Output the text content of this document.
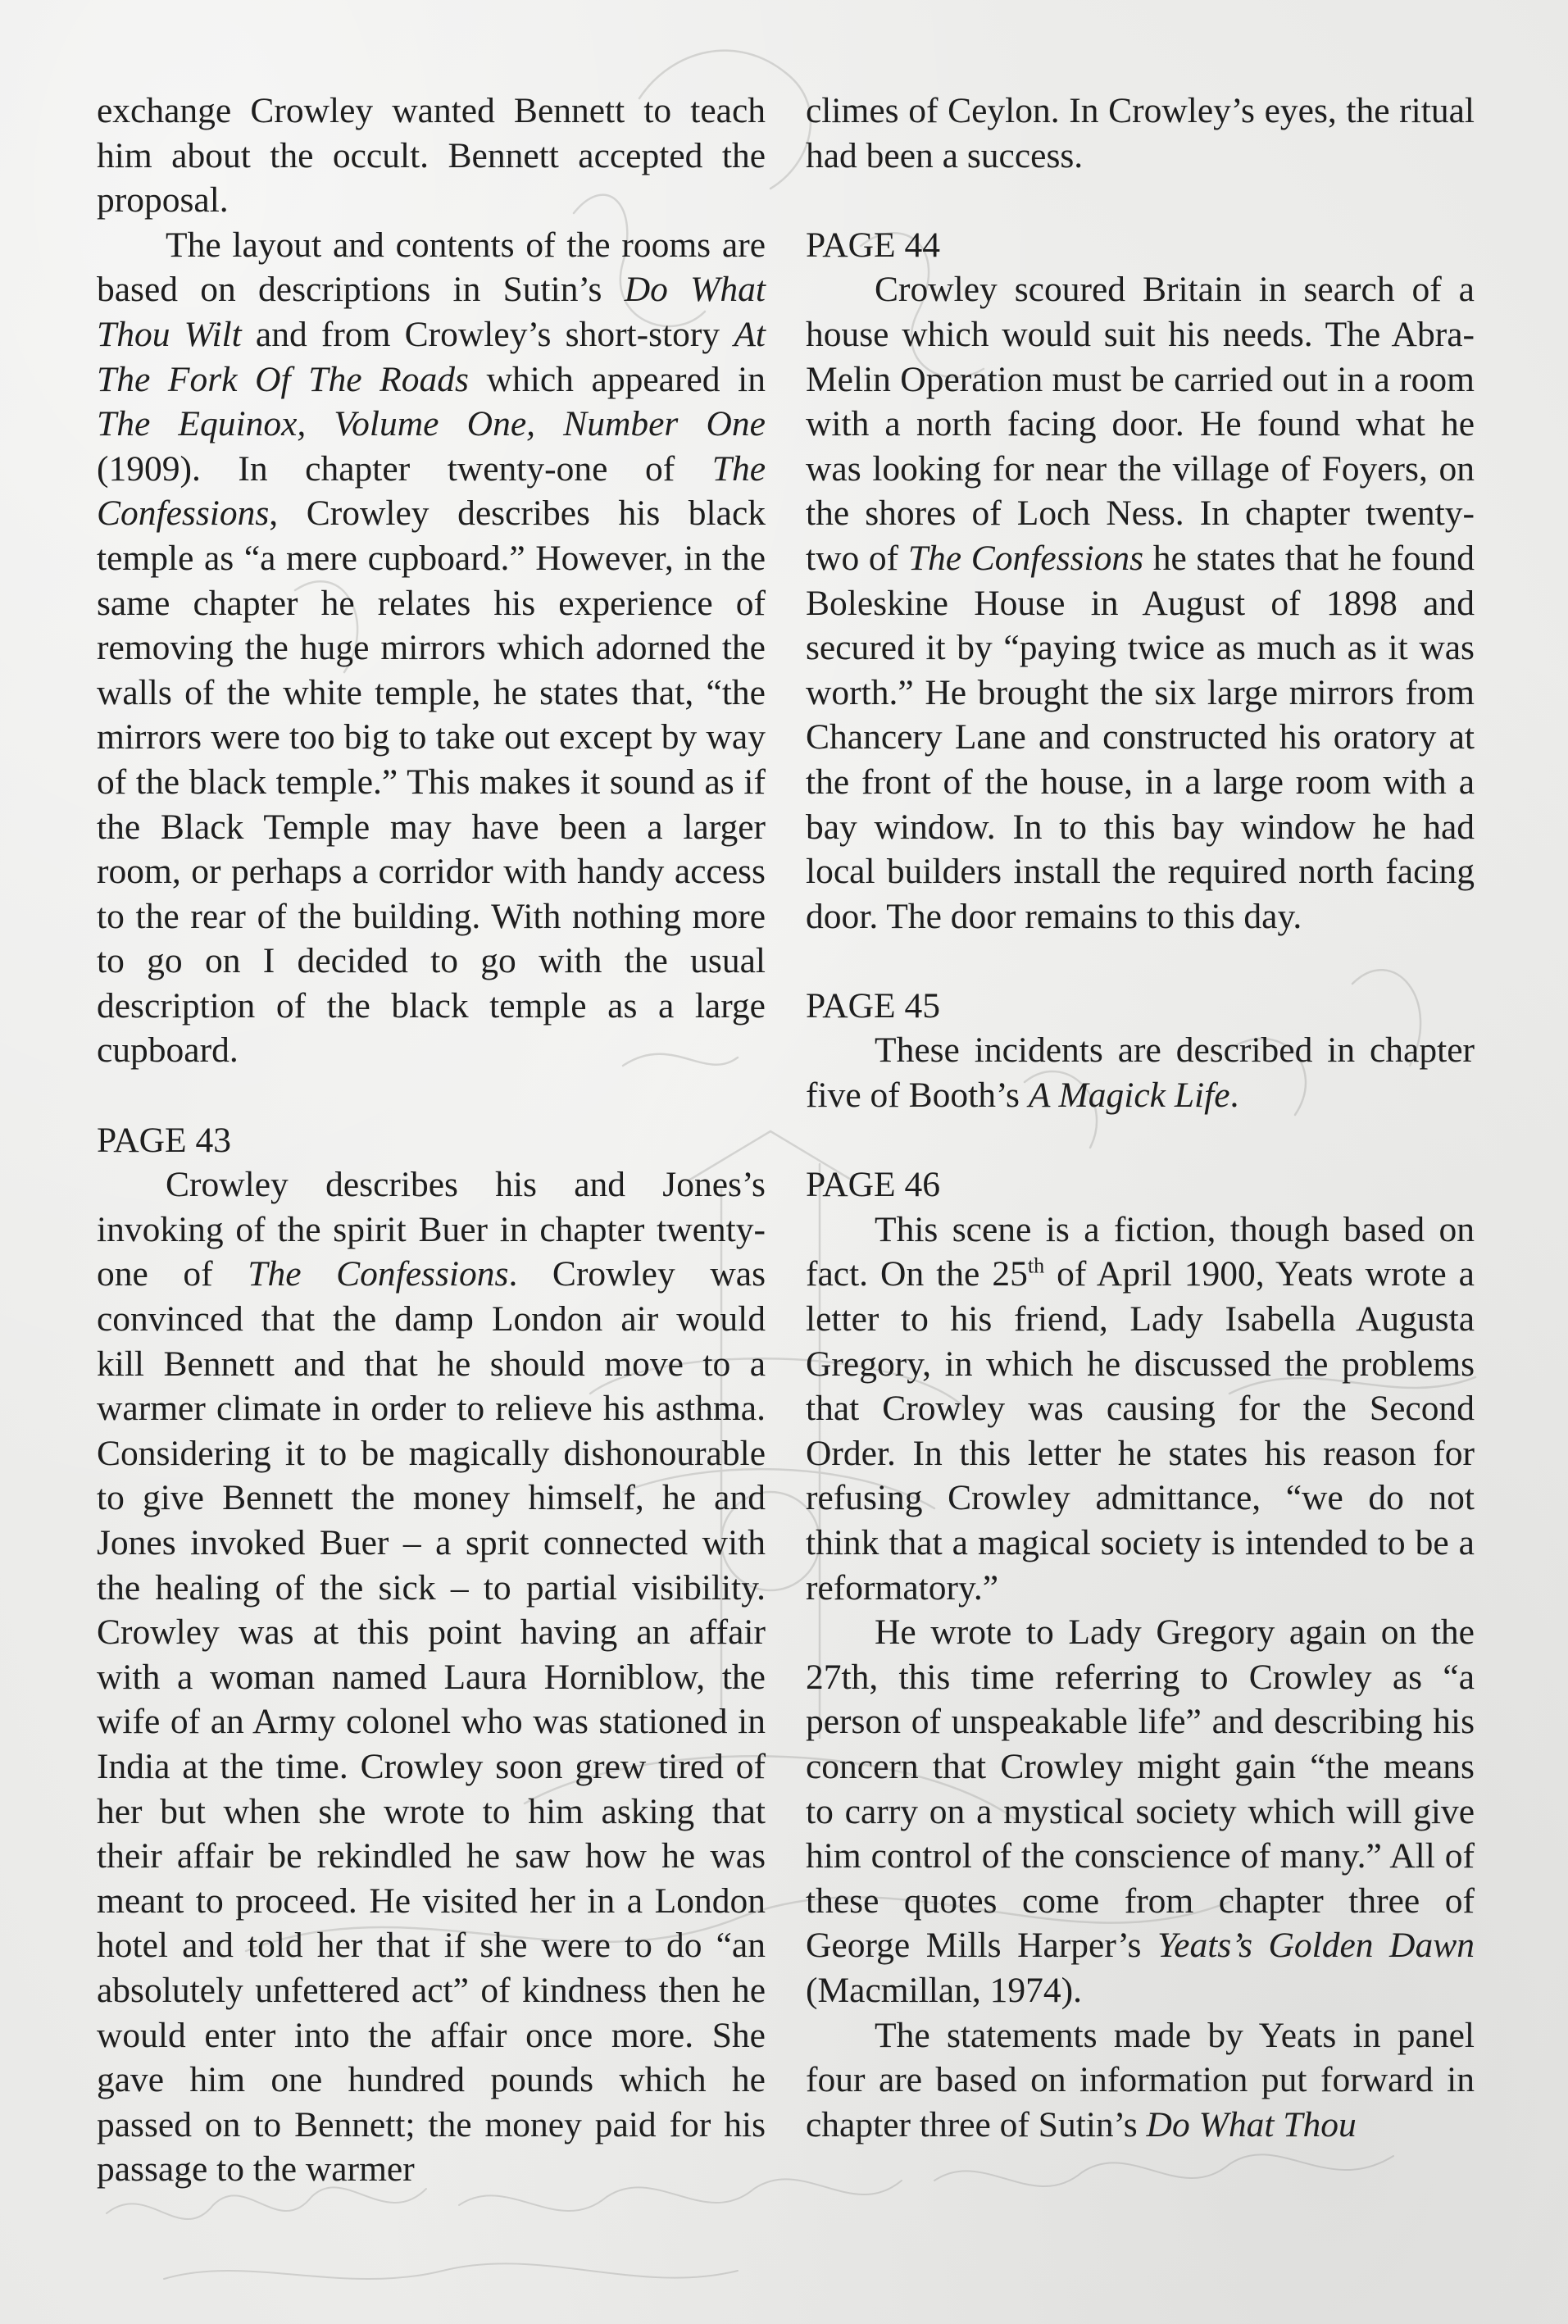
exchange Crowley wanted Bennett to teach him about the occult. Bennett accepted the proposal.

The layout and contents of the rooms are based on descriptions in Sutin’s Do What Thou Wilt and from Crowley’s short-story At The Fork Of The Roads which appeared in The Equinox, Volume One, Number One (1909). In chapter twenty-one of The Confessions, Crowley describes his black temple as “a mere cupboard.” However, in the same chapter he relates his experience of removing the huge mirrors which adorned the walls of the white temple, he states that, “the mirrors were too big to take out except by way of the black temple.” This makes it sound as if the Black Temple may have been a larger room, or perhaps a corridor with handy access to the rear of the building. With nothing more to go on I decided to go with the usual description of the black temple as a large cupboard.

PAGE 43

Crowley describes his and Jones’s invoking of the spirit Buer in chapter twenty-one of The Confessions. Crowley was convinced that the damp London air would kill Bennett and that he should move to a warmer climate in order to relieve his asthma. Considering it to be magically dishonourable to give Bennett the money himself, he and Jones invoked Buer – a sprit connected with the healing of the sick – to partial visibility. Crowley was at this point having an affair with a woman named Laura Horniblow, the wife of an Army colonel who was stationed in India at the time. Crowley soon grew tired of her but when she wrote to him asking that their affair be rekindled he saw how he was meant to proceed. He visited her in a London hotel and told her that if she were to do “an absolutely unfettered act” of kindness then he would enter into the affair once more. She gave him one hundred pounds which he passed on to Bennett; the money paid for his passage to the warmer

climes of Ceylon. In Crowley’s eyes, the ritual had been a success.

PAGE 44

Crowley scoured Britain in search of a house which would suit his needs. The Abra-Melin Operation must be carried out in a room with a north facing door. He found what he was looking for near the village of Foyers, on the shores of Loch Ness. In chapter twenty-two of The Confessions he states that he found Boleskine House in August of 1898 and secured it by “paying twice as much as it was worth.” He brought the six large mirrors from Chancery Lane and constructed his oratory at the front of the house, in a large room with a bay window. In to this bay window he had local builders install the required north facing door. The door remains to this day.

PAGE 45

These incidents are described in chapter five of Booth’s A Magick Life.

PAGE 46

This scene is a fiction, though based on fact. On the 25th of April 1900, Yeats wrote a letter to his friend, Lady Isabella Augusta Gregory, in which he discussed the problems that Crowley was causing for the Second Order. In this letter he states his reason for refusing Crowley admittance, “we do not think that a magical society is intended to be a reformatory.”

He wrote to Lady Gregory again on the 27th, this time referring to Crowley as “a person of unspeakable life” and describing his concern that Crowley might gain “the means to carry on a mystical society which will give him control of the conscience of many.” All of these quotes come from chapter three of George Mills Harper’s Yeats’s Golden Dawn (Macmillan, 1974).

The statements made by Yeats in panel four are based on information put forward in chapter three of Sutin’s Do What Thou
